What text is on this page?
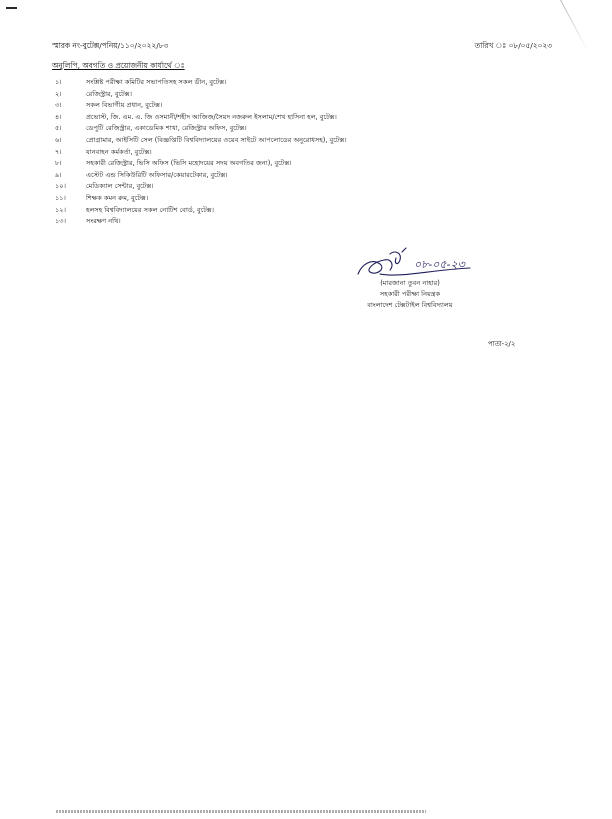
স্মারক নং-বুটেক্স/পনিয়/১১০/২০২২/৮৩	তারিখ ঃ ০৮/০৫/২০২৩
অনুলিপি, অবগতি ও প্রয়োজনীয় কার্যার্থে ঃ
১।	সংশ্লিষ্ট পরীক্ষা কমিটির সভাপতিসহ সকল ডীন, বুটেক্স।
২।	রেজিস্ট্রার, বুটেক্স।
৩।	সকল বিভাগীয় প্রধান, বুটেক্স।
৪।	প্রভোস্ট, জি. এম. এ. জি ওসমানী/শহীদ আজিজ/সৈয়দ নজরুল ইসলাম/শেখ হাসিনা হল, বুটেক্স।
৫।	ডেপুটি রেজিস্ট্রার, একাডেমিক শাখা, রেজিস্ট্রার অফিস, বুটেক্স।
৬।	প্রোগ্রামার, আইসিটি সেল (বিজ্ঞপ্তিটি বিশ্ববিদ্যালয়ের ওয়েব সাইটে আপলোডের অনুরোধসহ), বুটেক্স।
৭।	যানবাহন কর্মকর্তা, বুটেক্স।
৮।	সহকারী রেজিস্ট্রার, ভিসি অফিস (ভিসি মহোদয়ের সদয় অবগতির জন্য), বুটেক্স।
৯।	এস্টেট এন্ড সিকিউরিটি অফিসার/কেয়ারটেকার, বুটেক্স।
১০।	মেডিক্যাল সেন্টার, বুটেক্স।
১১।	শিক্ষক কমন রুম, বুটেক্স।
১২।	হলসহ বিশ্ববিদ্যালয়ের সকল নোটিশ বোর্ড, বুটেক্স।
১৩।	সংরক্ষণ নথি।
০৮-০৫-২৩
(মারজানা তুবন নাহার)
সহকারী পরীক্ষা নিয়ন্ত্রক
বাংলাদেশ টেক্সটাইল বিশ্ববিদ্যালয়
পাতা-২/২
